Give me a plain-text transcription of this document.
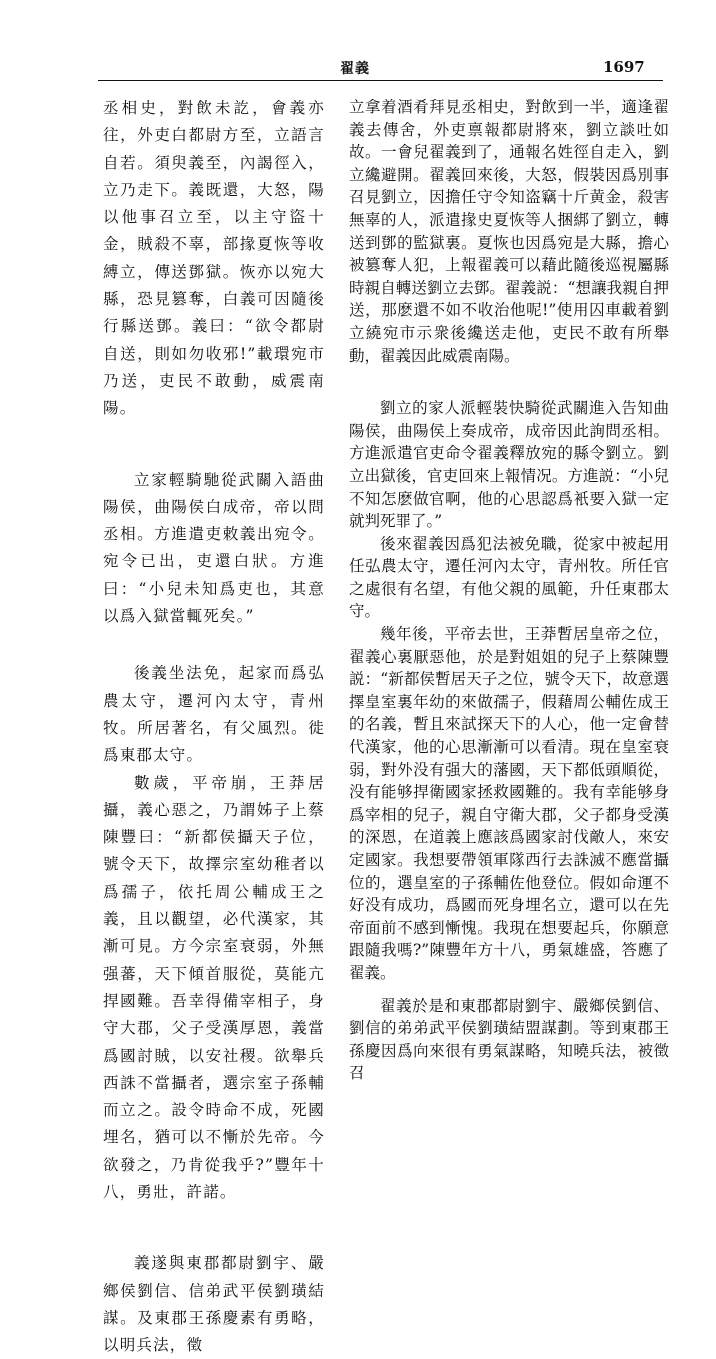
翟義	1697

丞相史，對飲未訖，會義亦往，外吏白都尉方至，立語言自若。須臾義至，內謁徑入，立乃走下。義既還，大怒，陽以他事召立至，以主守盜十金，賊殺不辜，部掾夏恢等收縛立，傳送鄧獄。恢亦以宛大縣，恐見篡奪，白義可因隨後行縣送鄧。義曰：“欲令都尉自送，則如勿收邪!”載環宛市乃送，吏民不敢動，威震南陽。

立家輕騎馳從武關入語曲陽侯，曲陽侯白成帝，帝以問丞相。方進遣吏敕義出宛令。宛令已出，吏還白狀。方進曰：“小兒未知爲吏也，其意以爲入獄當輒死矣。”

後義坐法免，起家而爲弘農太守，遷河內太守，青州牧。所居著名，有父風烈。徙爲東郡太守。

數歲，平帝崩，王莽居攝，義心惡之，乃謂姊子上蔡陳豐曰：“新都侯攝天子位，號令天下，故擇宗室幼稚者以爲孺子，依托周公輔成王之義，且以觀望，必代漢家，其漸可見。方今宗室衰弱，外無强蕃，天下傾首服從，莫能亢捍國難。吾幸得備宰相子，身守大郡，父子受漢厚恩，義當爲國討賊，以安社稷。欲舉兵西誅不當攝者，選宗室子孫輔而立之。設令時命不成，死國埋名，猶可以不慚於先帝。今欲發之，乃肯從我乎?”豐年十八，勇壯，許諾。

義遂與東郡都尉劉宇、嚴鄉侯劉信、信弟武平侯劉璜結謀。及東郡王孫慶素有勇略，以明兵法，徵

立拿着酒肴拜見丞相史，對飲到一半，適逢翟義去傳舍，外吏禀報都尉將來，劉立談吐如故。一會兒翟義到了，通報名姓徑自走入，劉立纔避開。翟義回來後，大怒，假裝因爲別事召見劉立，因擔任守令知盗竊十斤黄金，殺害無辜的人，派遣掾史夏恢等人捆綁了劉立，轉送到鄧的監獄裏。夏恢也因爲宛是大縣，擔心被篡奪人犯，上報翟義可以藉此隨後巡視屬縣時親自轉送劉立去鄧。翟義説：“想讓我親自押送，那麽還不如不收治他呢!”使用囚車載着劉立繞宛市示衆後纔送走他，吏民不敢有所舉動，翟義因此威震南陽。

劉立的家人派輕裝快騎從武關進入告知曲陽侯，曲陽侯上奏成帝，成帝因此詢問丞相。方進派遣官吏命令翟義釋放宛的縣令劉立。劉立出獄後，官吏回來上報情况。方進説：“小兒不知怎麽做官啊，他的心思認爲衹要入獄一定就判死罪了。”

後來翟義因爲犯法被免職，從家中被起用任弘農太守，遷任河內太守，青州牧。所任官之處很有名望，有他父親的風範，升任東郡太守。

幾年後，平帝去世，王莽暫居皇帝之位，翟義心裏厭惡他，於是對姐姐的兒子上蔡陳豐説：“新都侯暫居天子之位，號令天下，故意選擇皇室裏年幼的來做孺子，假藉周公輔佐成王的名義，暫且來試探天下的人心，他一定會替代漢家，他的心思漸漸可以看清。現在皇室衰弱，對外没有强大的藩國，天下都低頭順從，没有能够捍衛國家拯救國難的。我有幸能够身爲宰相的兒子，親自守衛大郡，父子都身受漢的深恩，在道義上應該爲國家討伐敵人，來安定國家。我想要帶領軍隊西行去誅滅不應當攝位的，選皇室的子孫輔佐他登位。假如命運不好没有成功，爲國而死身埋名立，還可以在先帝面前不感到慚愧。我現在想要起兵，你願意跟隨我嗎?”陳豐年方十八，勇氣雄盛，答應了翟義。

翟義於是和東郡都尉劉宇、嚴鄉侯劉信、劉信的弟弟武平侯劉璜結盟謀劃。等到東郡王孫慶因爲向來很有勇氣謀略，知曉兵法，被徵召
